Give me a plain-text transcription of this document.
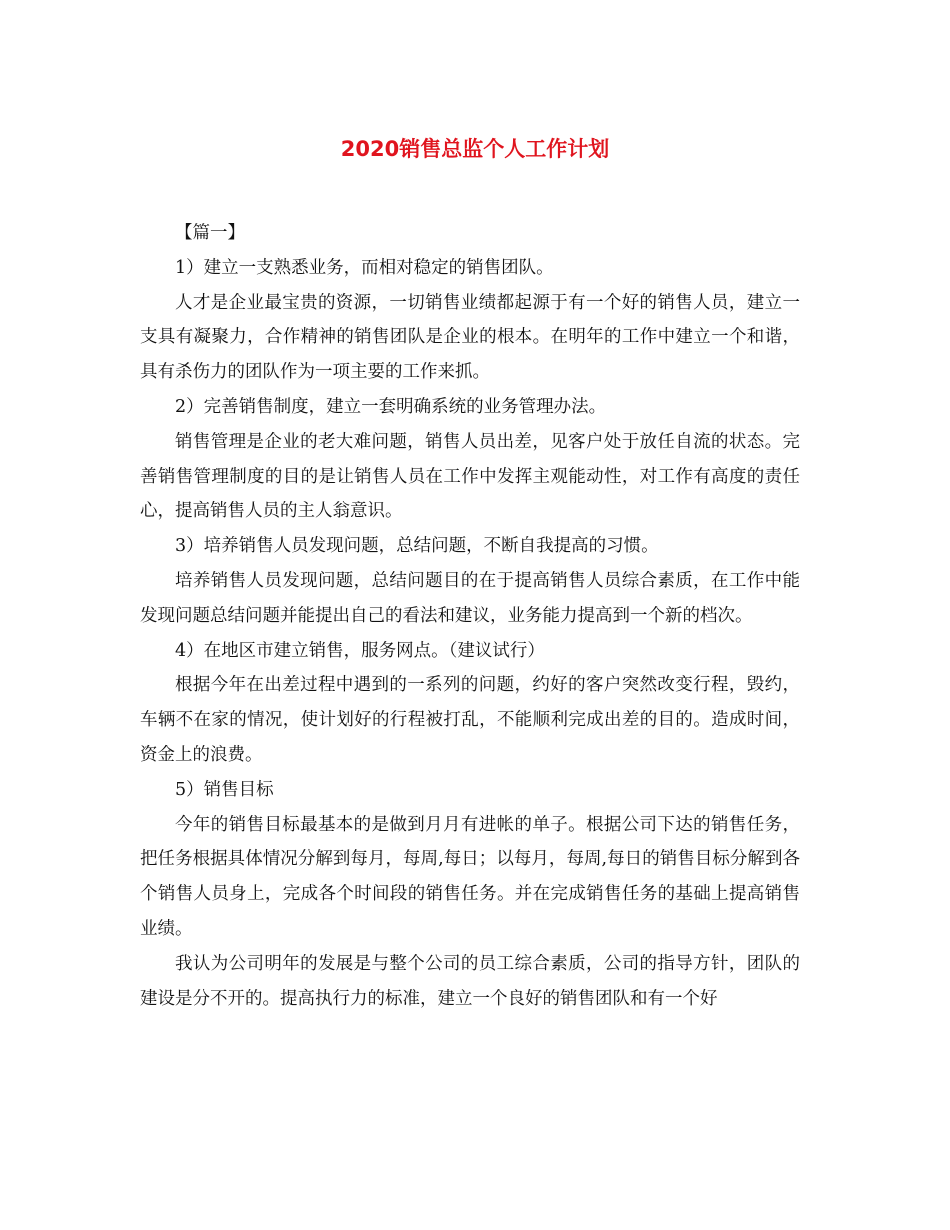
2020销售总监个人工作计划

【篇一】

1）建立一支熟悉业务，而相对稳定的销售团队。

人才是企业最宝贵的资源，一切销售业绩都起源于有一个好的销售人员，建立一支具有凝聚力，合作精神的销售团队是企业的根本。在明年的工作中建立一个和谐，具有杀伤力的团队作为一项主要的工作来抓。

2）完善销售制度，建立一套明确系统的业务管理办法。

销售管理是企业的老大难问题，销售人员出差，见客户处于放任自流的状态。完善销售管理制度的目的是让销售人员在工作中发挥主观能动性，对工作有高度的责任心，提高销售人员的主人翁意识。

3）培养销售人员发现问题，总结问题，不断自我提高的习惯。

培养销售人员发现问题，总结问题目的在于提高销售人员综合素质，在工作中能发现问题总结问题并能提出自己的看法和建议，业务能力提高到一个新的档次。

4）在地区市建立销售，服务网点。（建议试行）

根据今年在出差过程中遇到的一系列的问题，约好的客户突然改变行程，毁约，车辆不在家的情况，使计划好的行程被打乱，不能顺利完成出差的目的。造成时间，资金上的浪费。

5）销售目标

今年的销售目标最基本的是做到月月有进帐的单子。根据公司下达的销售任务，把任务根据具体情况分解到每月，每周,每日；以每月，每周,每日的销售目标分解到各个销售人员身上，完成各个时间段的销售任务。并在完成销售任务的基础上提高销售业绩。

我认为公司明年的发展是与整个公司的员工综合素质，公司的指导方针，团队的建设是分不开的。提高执行力的标准，建立一个良好的销售团队和有一个好
